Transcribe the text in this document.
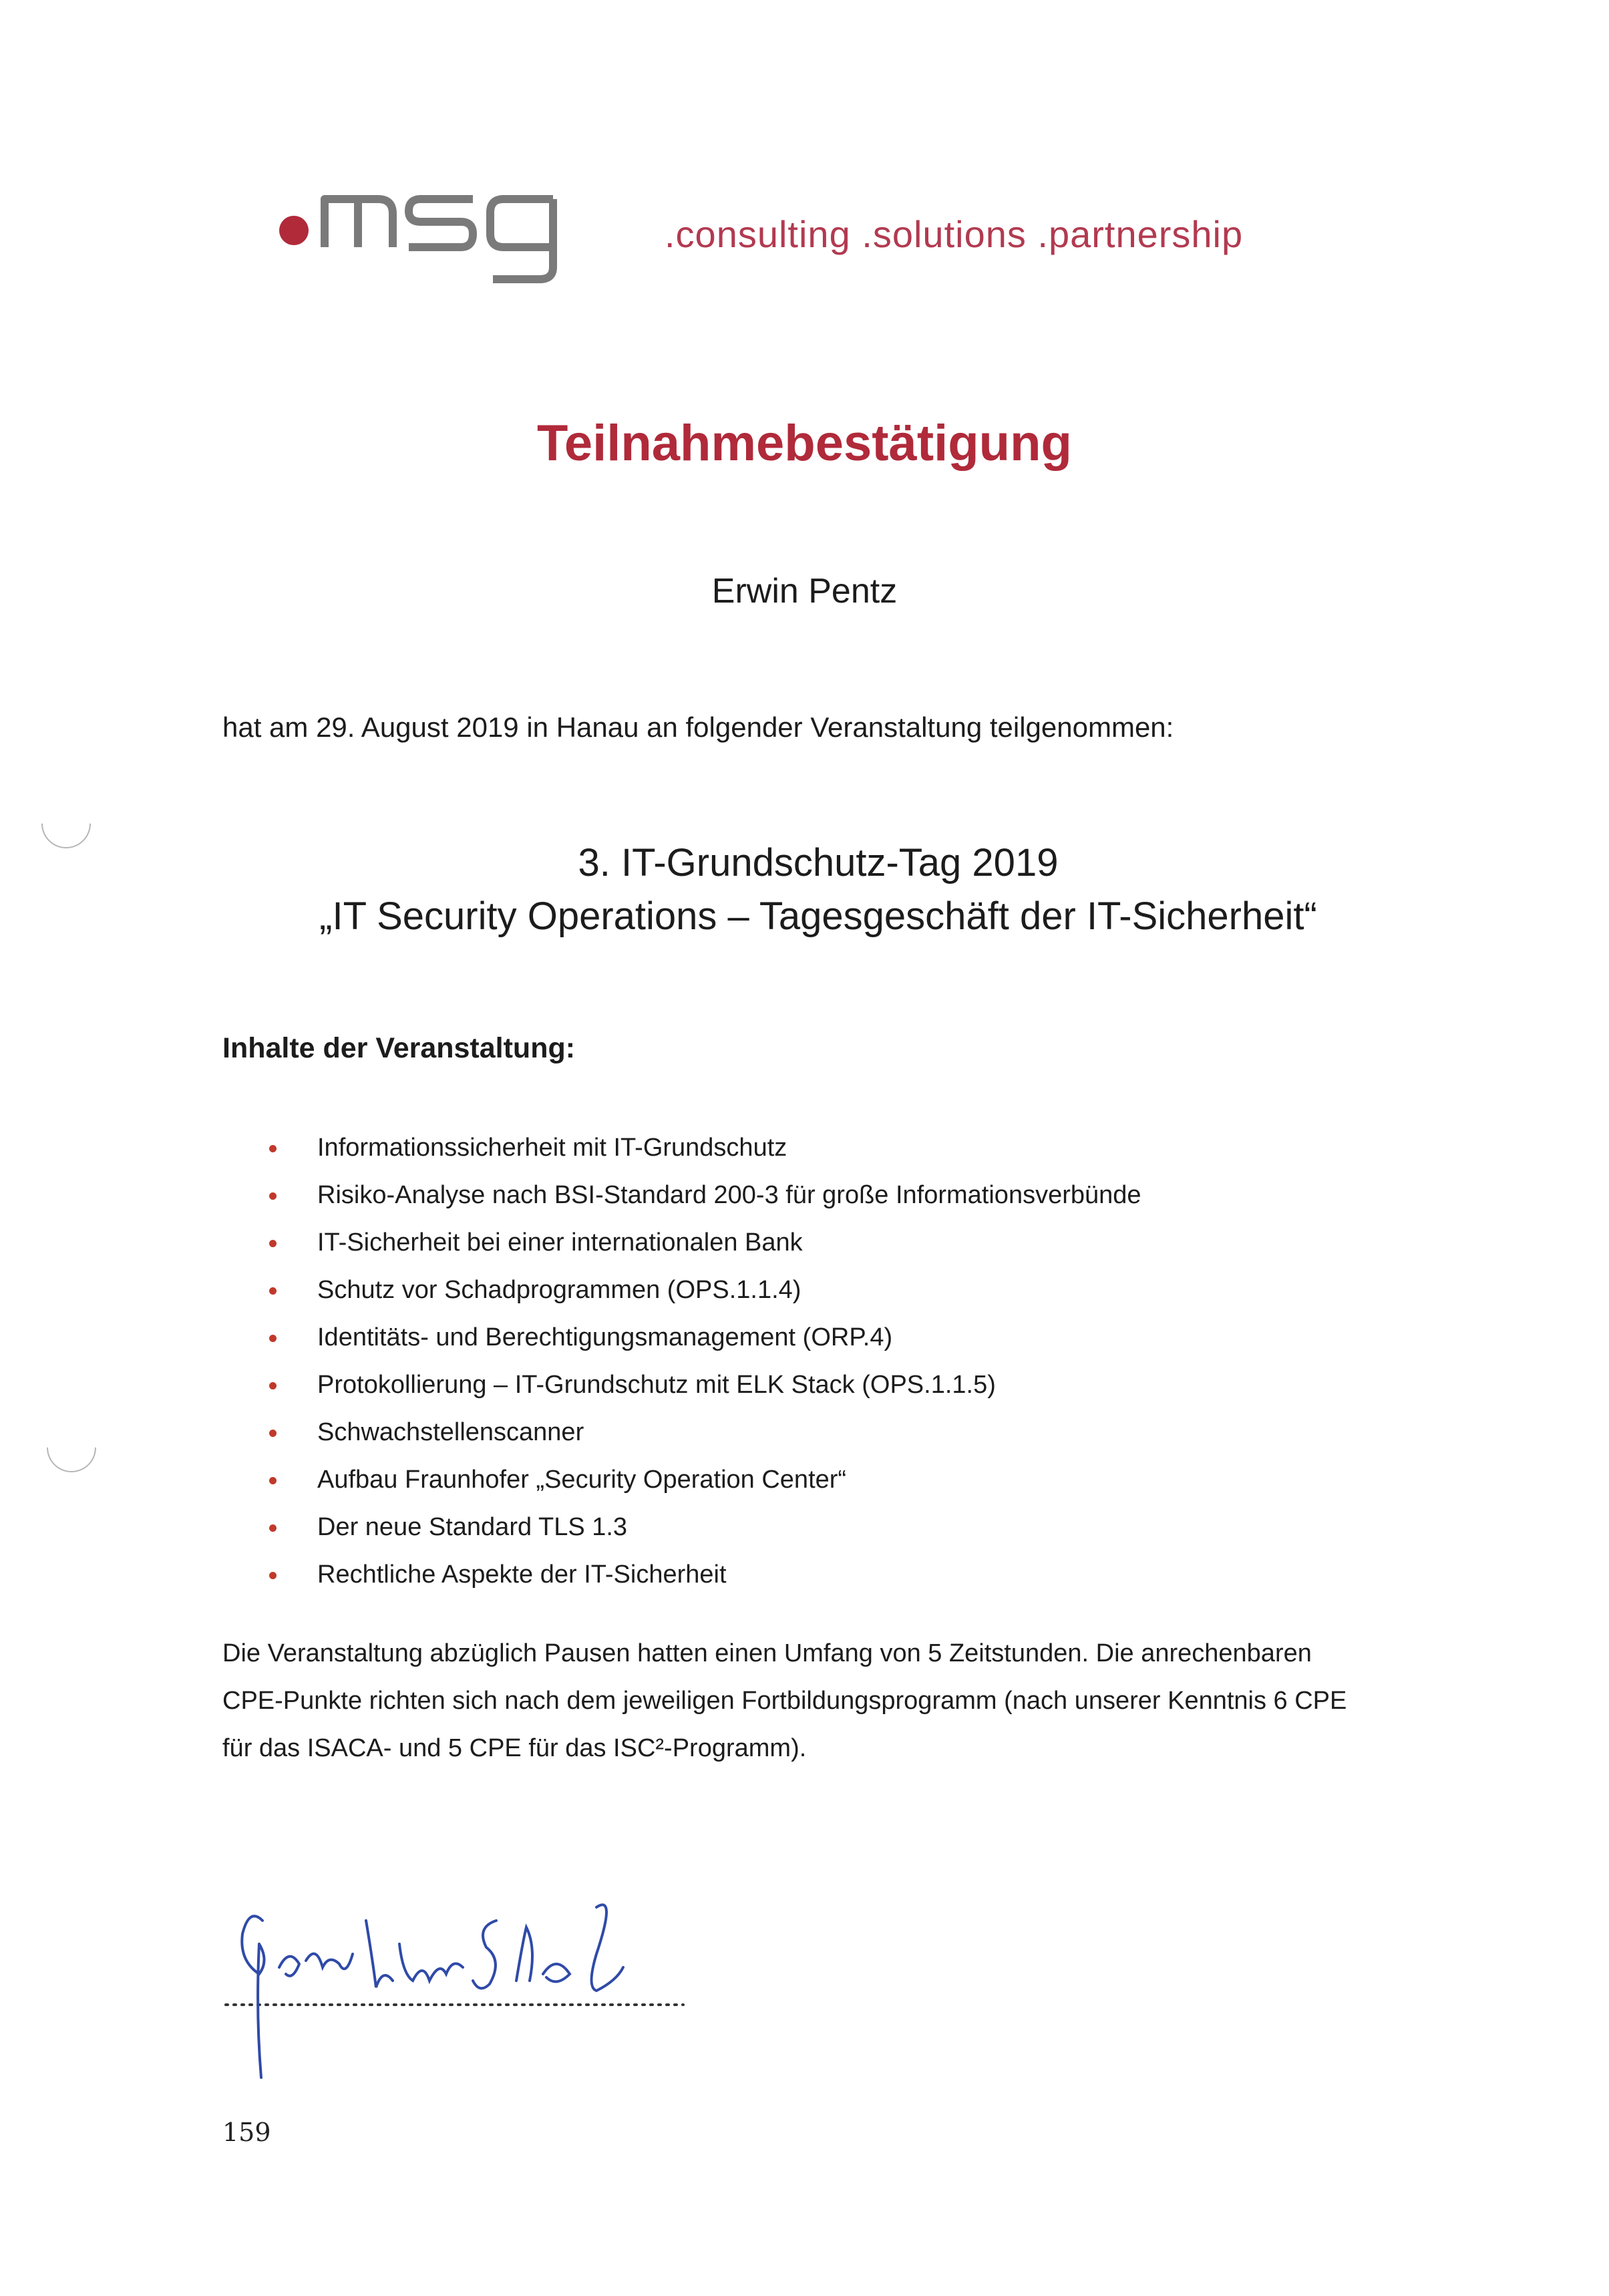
.consulting .solutions .partnership
Teilnahmebestätigung
Erwin Pentz
hat am 29. August 2019 in Hanau an folgender Veranstaltung teilgenommen:
3. IT-Grundschutz-Tag 2019
„IT Security Operations – Tagesgeschäft der IT-Sicherheit“
Inhalte der Veranstaltung:
Informationssicherheit mit IT-Grundschutz
Risiko-Analyse nach BSI-Standard 200-3 für große Informationsverbünde
IT-Sicherheit bei einer internationalen Bank
Schutz vor Schadprogrammen (OPS.1.1.4)
Identitäts- und Berechtigungsmanagement (ORP.4)
Protokollierung – IT-Grundschutz mit ELK Stack (OPS.1.1.5)
Schwachstellenscanner
Aufbau Fraunhofer „Security Operation Center“
Der neue Standard TLS 1.3
Rechtliche Aspekte der IT-Sicherheit

Die Veranstaltung abzüglich Pausen hatten einen Umfang von 5 Zeitstunden. Die anrechenbaren

CPE-Punkte richten sich nach dem jeweiligen Fortbildungsprogramm (nach unserer Kenntnis 6 CPE

für das ISACA- und 5 CPE für das ISC²-Programm).

159
